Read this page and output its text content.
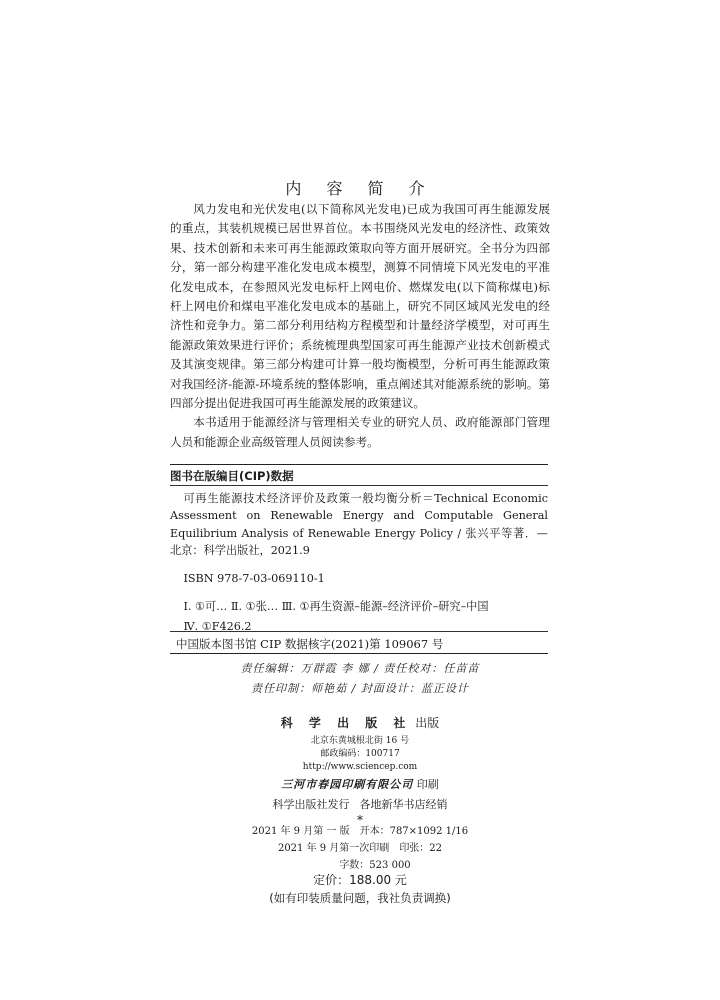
内 容 简 介

风力发电和光伏发电(以下简称风光发电)已成为我国可再生能源发展的重点，其装机规模已居世界首位。本书围绕风光发电的经济性、政策效果、技术创新和未来可再生能源政策取向等方面开展研究。全书分为四部分，第一部分构建平准化发电成本模型，测算不同情境下风光发电的平准化发电成本，在参照风光发电标杆上网电价、燃煤发电(以下简称煤电)标杆上网电价和煤电平准化发电成本的基础上，研究不同区域风光发电的经济性和竞争力。第二部分利用结构方程模型和计量经济学模型，对可再生能源政策效果进行评价；系统梳理典型国家可再生能源产业技术创新模式及其演变规律。第三部分构建可计算一般均衡模型，分析可再生能源政策对我国经济-能源-环境系统的整体影响，重点阐述其对能源系统的影响。第四部分提出促进我国可再生能源发展的政策建议。

本书适用于能源经济与管理相关专业的研究人员、政府能源部门管理人员和能源企业高级管理人员阅读参考。

图书在版编目(CIP)数据

可再生能源技术经济评价及政策一般均衡分析＝Technical Economic Assessment on Renewable Energy and Computable General Equilibrium Analysis of Renewable Energy Policy / 张兴平等著．—北京：科学出版社，2021.9

ISBN 978-7-03-069110-1

Ⅰ. ①可… Ⅱ. ①张… Ⅲ. ①再生资源–能源–经济评价–研究–中国
Ⅳ. ①F426.2
中国版本图书馆 CIP 数据核字(2021)第 109067 号
责任编辑：万群霞 李 娜 / 责任校对：任苗苗
责任印制：师艳茹 / 封面设计：蓝正设计
科 学 出 版 社 出版
北京东黄城根北街 16 号
邮政编码：100717
http://www.sciencep.com
三河市春园印刷有限公司 印刷
科学出版社发行 各地新华书店经销
*
2021 年 9 月第 一 版 开本：787×1092 1/16
2021 年 9 月第一次印刷 印张：22
字数：523 000
定价：188.00 元
(如有印装质量问题，我社负责调换)
